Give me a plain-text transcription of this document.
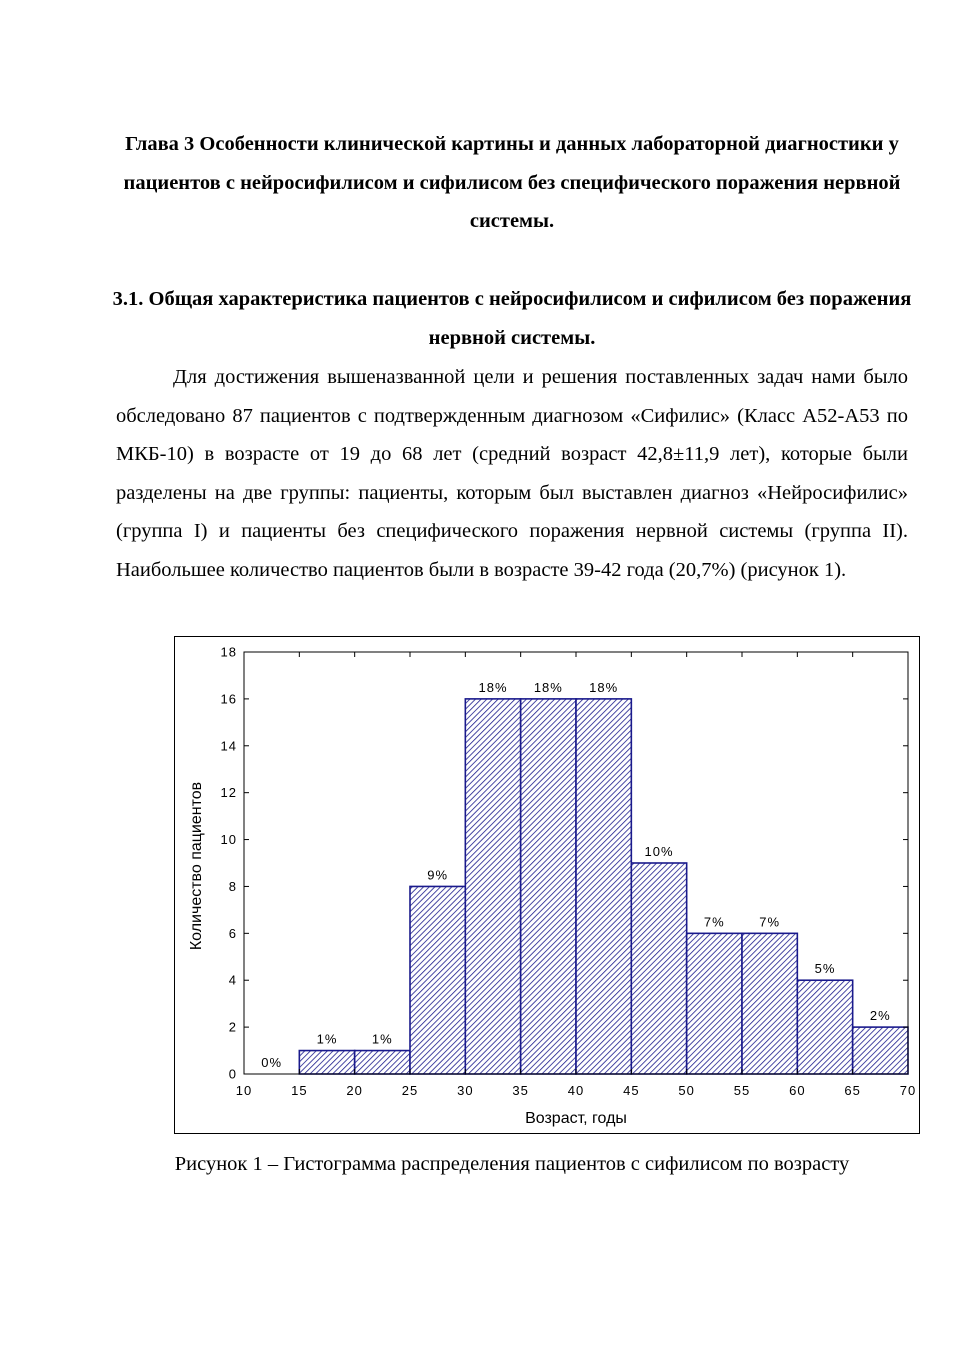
Глава 3 Особенности клинической картины и данных лабораторной диагностики у пациентов с нейросифилисом и сифилисом без специфического поражения нервной системы.
3.1. Общая характеристика пациентов с нейросифилисом и сифилисом без поражения нервной системы.

Для достижения вышеназванной цели и решения поставленных задач нами было обследовано 87 пациентов с подтвержденным диагнозом «Сифилис» (Класс А52-А53 по МКБ-10) в возрасте от 19 до 68 лет (средний возраст 42,8±11,9 лет), которые были разделены на две группы: пациенты, которым был выставлен диагноз «Нейросифилис» (группа I) и пациенты без специфического поражения нервной системы (группа II). Наибольшее количество пациентов были в возрасте 39-42 года (20,7%) (рисунок 1).

0%
1%	1%
9%
18% 18% 18%
10%
7%	7%
5%
2%
0
2
4
6
8
10
12
14
16
18
10	15	20	25	30	35	40	45	50	55	60	65	70
Возраст, годы
Количество пациентов
Рисунок 1 – Гистограмма распределения пациентов с сифилисом по возрасту
